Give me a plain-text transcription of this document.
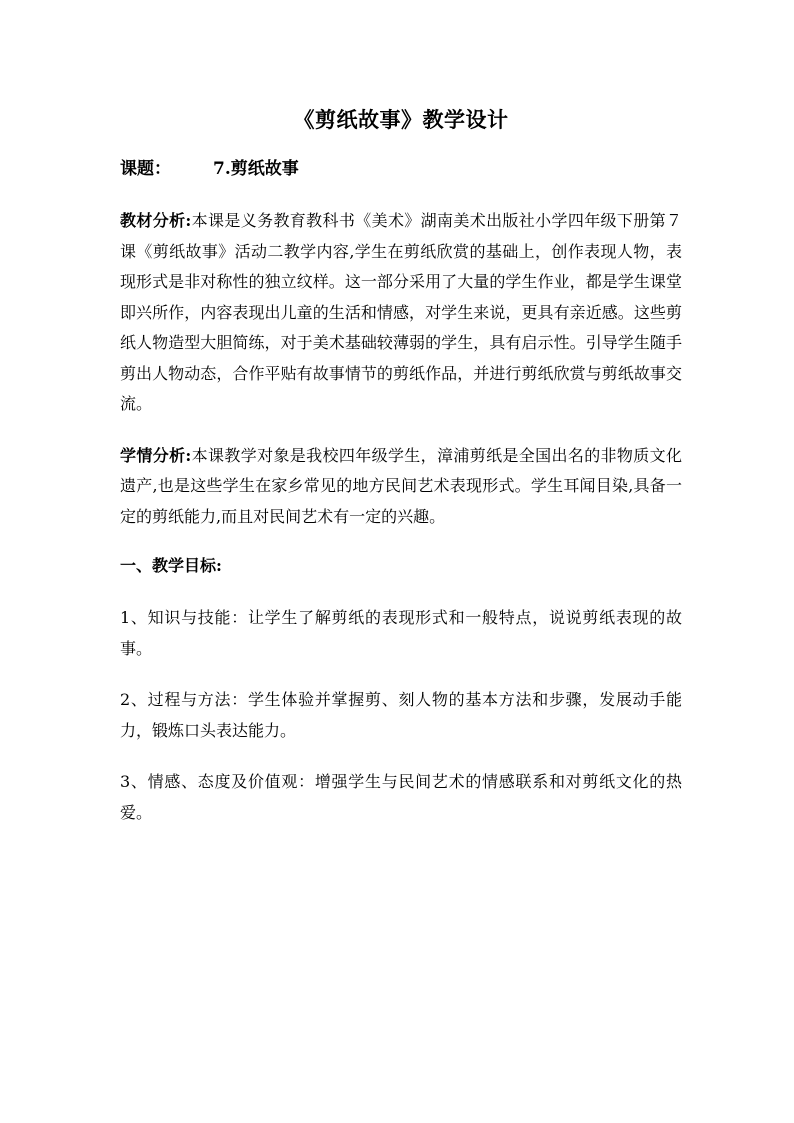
《剪纸故事》教学设计
课题： 7.剪纸故事

教材分析:本课是义务教育教科书《美术》湖南美术出版社小学四年级下册第７课《剪纸故事》活动二教学内容,学生在剪纸欣赏的基础上，创作表现人物，表现形式是非对称性的独立纹样。这一部分采用了大量的学生作业，都是学生课堂即兴所作，内容表现出儿童的生活和情感，对学生来说，更具有亲近感。这些剪纸人物造型大胆简练，对于美术基础较薄弱的学生，具有启示性。引导学生随手剪出人物动态，合作平贴有故事情节的剪纸作品，并进行剪纸欣赏与剪纸故事交流。

学情分析:本课教学对象是我校四年级学生，漳浦剪纸是全国出名的非物质文化遗产,也是这些学生在家乡常见的地方民间艺术表现形式。学生耳闻目染,具备一定的剪纸能力,而且对民间艺术有一定的兴趣。

一、教学目标:

1、知识与技能：让学生了解剪纸的表现形式和一般特点，说说剪纸表现的故事。

2、过程与方法：学生体验并掌握剪、刻人物的基本方法和步骤，发展动手能力，锻炼口头表达能力。

3、情感、态度及价值观：增强学生与民间艺术的情感联系和对剪纸文化的热爱。
